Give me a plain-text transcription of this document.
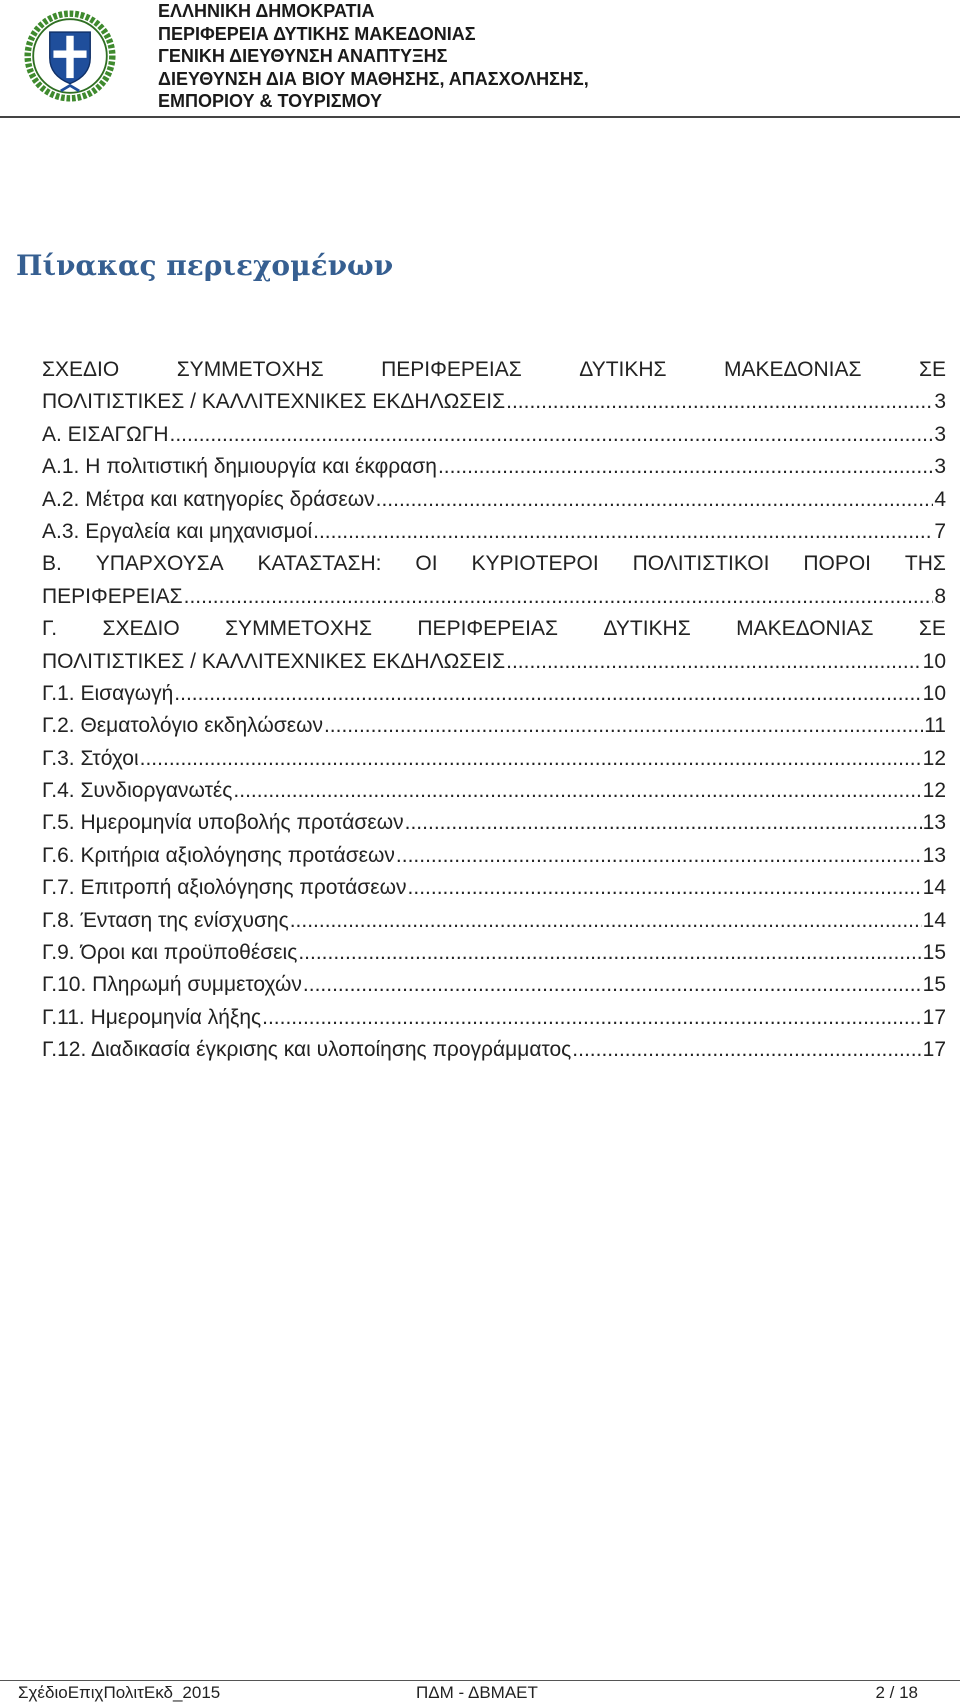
ΕΛΛΗΝΙΚΗ ΔΗΜΟΚΡΑΤΙΑ
ΠΕΡΙΦΕΡΕΙΑ ΔΥΤΙΚΗΣ ΜΑΚΕΔΟΝΙΑΣ
ΓΕΝΙΚΗ ΔΙΕΥΘΥΝΣΗ ΑΝΑΠΤΥΞΗΣ
ΔΙΕΥΘΥΝΣΗ ΔΙΑ ΒΙΟΥ ΜΑΘΗΣΗΣ, ΑΠΑΣΧΟΛΗΣΗΣ,
ΕΜΠΟΡΙΟΥ & ΤΟΥΡΙΣΜΟΥ
Πίνακας περιεχομένων
ΣΧΕΔΙΟ	ΣΥΜΜΕΤΟΧΗΣ	ΠΕΡΙΦΕΡΕΙΑΣ	ΔΥΤΙΚΗΣ	ΜΑΚΕΔΟΝΙΑΣ	ΣΕ
ΠΟΛΙΤΙΣΤΙΚΕΣ / ΚΑΛΛΙΤΕΧΝΙΚΕΣ ΕΚΔΗΛΩΣΕΙΣ .....	3
Α. ΕΙΣΑΓΩΓΗ .....	3
Α.1. Η πολιτιστική δημιουργία και έκφραση .....	3
Α.2. Μέτρα και κατηγορίες δράσεων .....	4
Α.3. Εργαλεία και μηχανισμοί .....	7
Β. ΥΠΑΡΧΟΥΣΑ ΚΑΤΑΣΤΑΣΗ: ΟΙ ΚΥΡΙΟΤΕΡΟΙ ΠΟΛΙΤΙΣΤΙΚΟΙ ΠΟΡΟΙ ΤΗΣ
ΠΕΡΙΦΕΡΕΙΑΣ .....	8
Γ. ΣΧΕΔΙΟ ΣΥΜΜΕΤΟΧΗΣ ΠΕΡΙΦΕΡΕΙΑΣ ΔΥΤΙΚΗΣ ΜΑΚΕΔΟΝΙΑΣ ΣΕ
ΠΟΛΙΤΙΣΤΙΚΕΣ / ΚΑΛΛΙΤΕΧΝΙΚΕΣ ΕΚΔΗΛΩΣΕΙΣ .....	10
Γ.1. Εισαγωγή .....	10
Γ.2. Θεματολόγιο εκδηλώσεων .....	11
Γ.3. Στόχοι .....	12
Γ.4. Συνδιοργανωτές .....	12
Γ.5. Ημερομηνία υποβολής προτάσεων .....	13
Γ.6. Κριτήρια αξιολόγησης προτάσεων .....	13
Γ.7. Επιτροπή αξιολόγησης προτάσεων .....	14
Γ.8. Ένταση της ενίσχυσης .....	14
Γ.9. Όροι και προϋποθέσεις .....	15
Γ.10. Πληρωμή συμμετοχών .....	15
Γ.11. Ημερομηνία λήξης .....	17
Γ.12. Διαδικασία έγκρισης και υλοποίησης προγράμματος .....	17
ΣχέδιοΕπιχΠολιτΕκδ_2015	ΠΔΜ - ΔΒΜΑΕΤ	2 / 18
